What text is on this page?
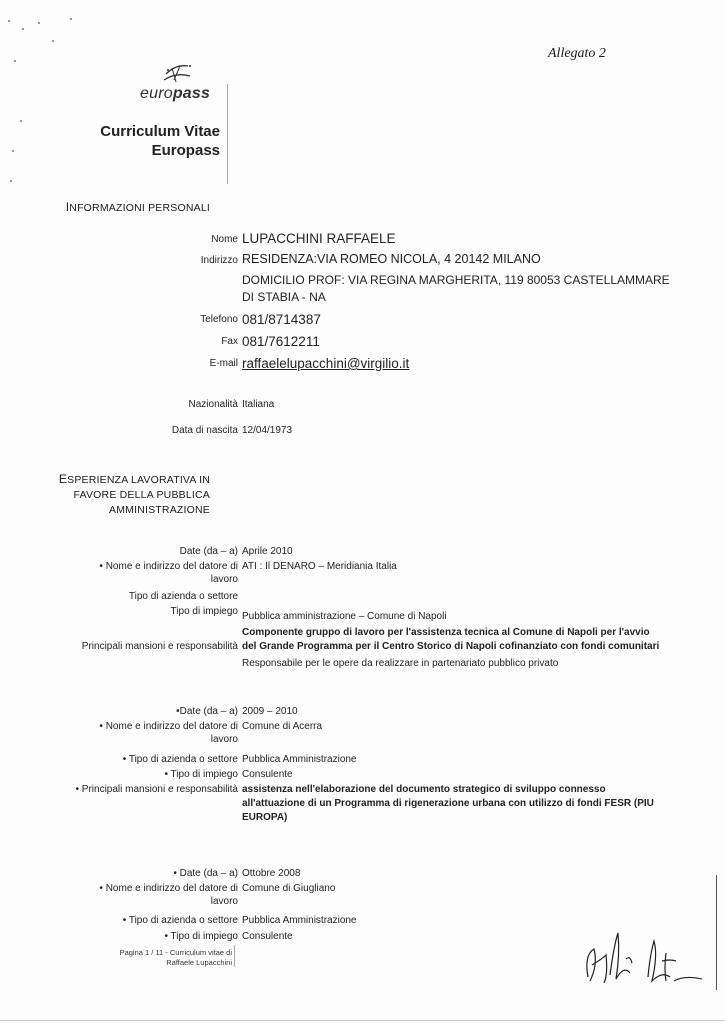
Allegato 2
europass
Curriculum Vitae
Europass
INFORMAZIONI PERSONALI
Nome LUPACCHINI RAFFAELE
Indirizzo RESIDENZA:VIA ROMEO NICOLA, 4 20142 MILANO
DOMICILIO PROF: VIA REGINA MARGHERITA, 119 80053 CASTELLAMMARE DI STABIA - NA
Telefono 081/8714387
Fax 081/7612211
E-mail raffaelelupacchini@virgilio.it
Nazionalità Italiana
Data di nascita 12/04/1973
ESPERIENZA LAVORATIVA IN
FAVORE DELLA PUBBLICA
AMMINISTRAZIONE
Date (da – a) Aprile 2010
• Nome e indirizzo del datore di
lavoro
ATI : Il DENARO – Meridiania Italia
Tipo di azienda o settore
Tipo di impiego Pubblica amministrazione – Comune di Napoli
Principali mansioni e responsabilità
Componente gruppo di lavoro per l'assistenza tecnica al Comune di Napoli per l'avvio
del Grande Programma per il Centro Storico di Napoli cofinanziato con fondi comunitari
Responsabile per le opere da realizzare in partenariato pubblico privato
•Date (da – a) 2009 – 2010
• Nome e indirizzo del datore di
lavoro
Comune di Acerra
• Tipo di azienda o settore Pubblica Amministrazione
• Tipo di impiego Consulente
• Principali mansioni e responsabilità assistenza nell'elaborazione del documento strategico di sviluppo connesso
all'attuazione di un Programma di rigenerazione urbana con utilizzo di fondi FESR (PIU
EUROPA)
• Date (da – a) Ottobre 2008
• Nome e indirizzo del datore di
lavoro
Comune di Giugliano
• Tipo di azienda o settore Pubblica Amministrazione
• Tipo di impiego Consulente
Pagina 1 / 11 - Curriculum vitae di
Raffaele Lupacchini
